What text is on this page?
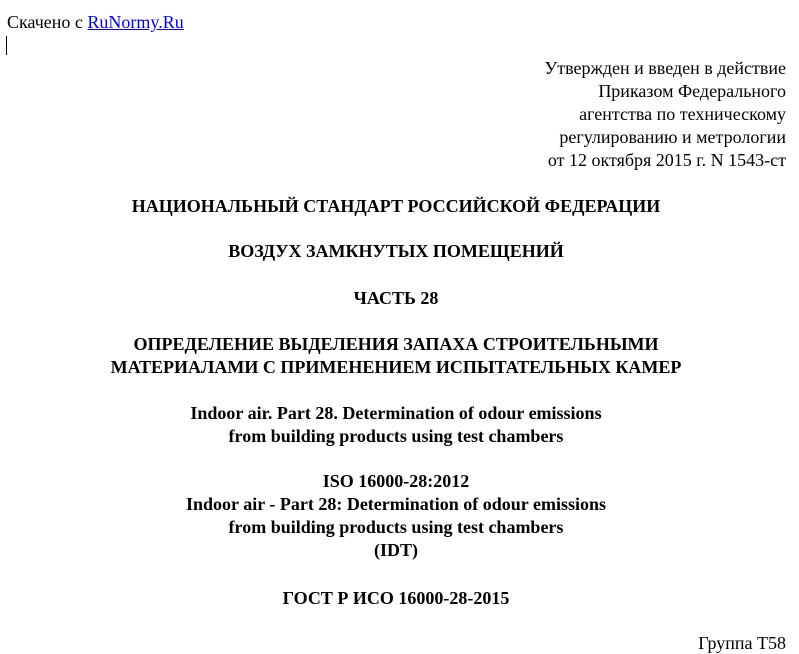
Скачено с RuNormy.Ru
Утвержден и введен в действие
Приказом Федерального
агентства по техническому
регулированию и метрологии
от 12 октября 2015 г. N 1543-ст
НАЦИОНАЛЬНЫЙ СТАНДАРТ РОССИЙСКОЙ ФЕДЕРАЦИИ
ВОЗДУХ ЗАМКНУТЫХ ПОМЕЩЕНИЙ
ЧАСТЬ 28
ОПРЕДЕЛЕНИЕ ВЫДЕЛЕНИЯ ЗАПАХА СТРОИТЕЛЬНЫМИ
МАТЕРИАЛАМИ С ПРИМЕНЕНИЕМ ИСПЫТАТЕЛЬНЫХ КАМЕР
Indoor air. Part 28. Determination of odour emissions
from building products using test chambers
ISO 16000-28:2012
Indoor air - Part 28: Determination of odour emissions
from building products using test chambers
(IDT)
ГОСТ Р ИСО 16000-28-2015
Группа Т58
